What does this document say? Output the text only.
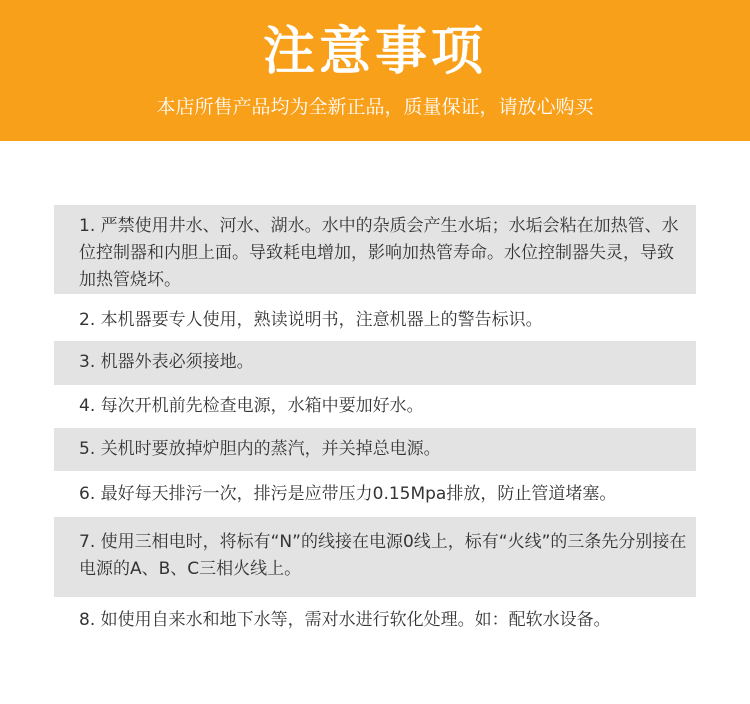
注意事项
本店所售产品均为全新正品，质量保证，请放心购买
1. 严禁使用井水、河水、湖水。水中的杂质会产生水垢；水垢会粘在加热管、水位控制器和内胆上面。导致耗电增加，影响加热管寿命。水位控制器失灵，导致加热管烧坏。
2. 本机器要专人使用，熟读说明书，注意机器上的警告标识。
3. 机器外表必须接地。
4. 每次开机前先检查电源，水箱中要加好水。
5. 关机时要放掉炉胆内的蒸汽，并关掉总电源。
6. 最好每天排污一次，排污是应带压力0.15Mpa排放，防止管道堵塞。
7. 使用三相电时，将标有“N”的线接在电源0线上，标有“火线”的三条先分别接在电源的A、B、C三相火线上。
8. 如使用自来水和地下水等，需对水进行软化处理。如：配软水设备。
